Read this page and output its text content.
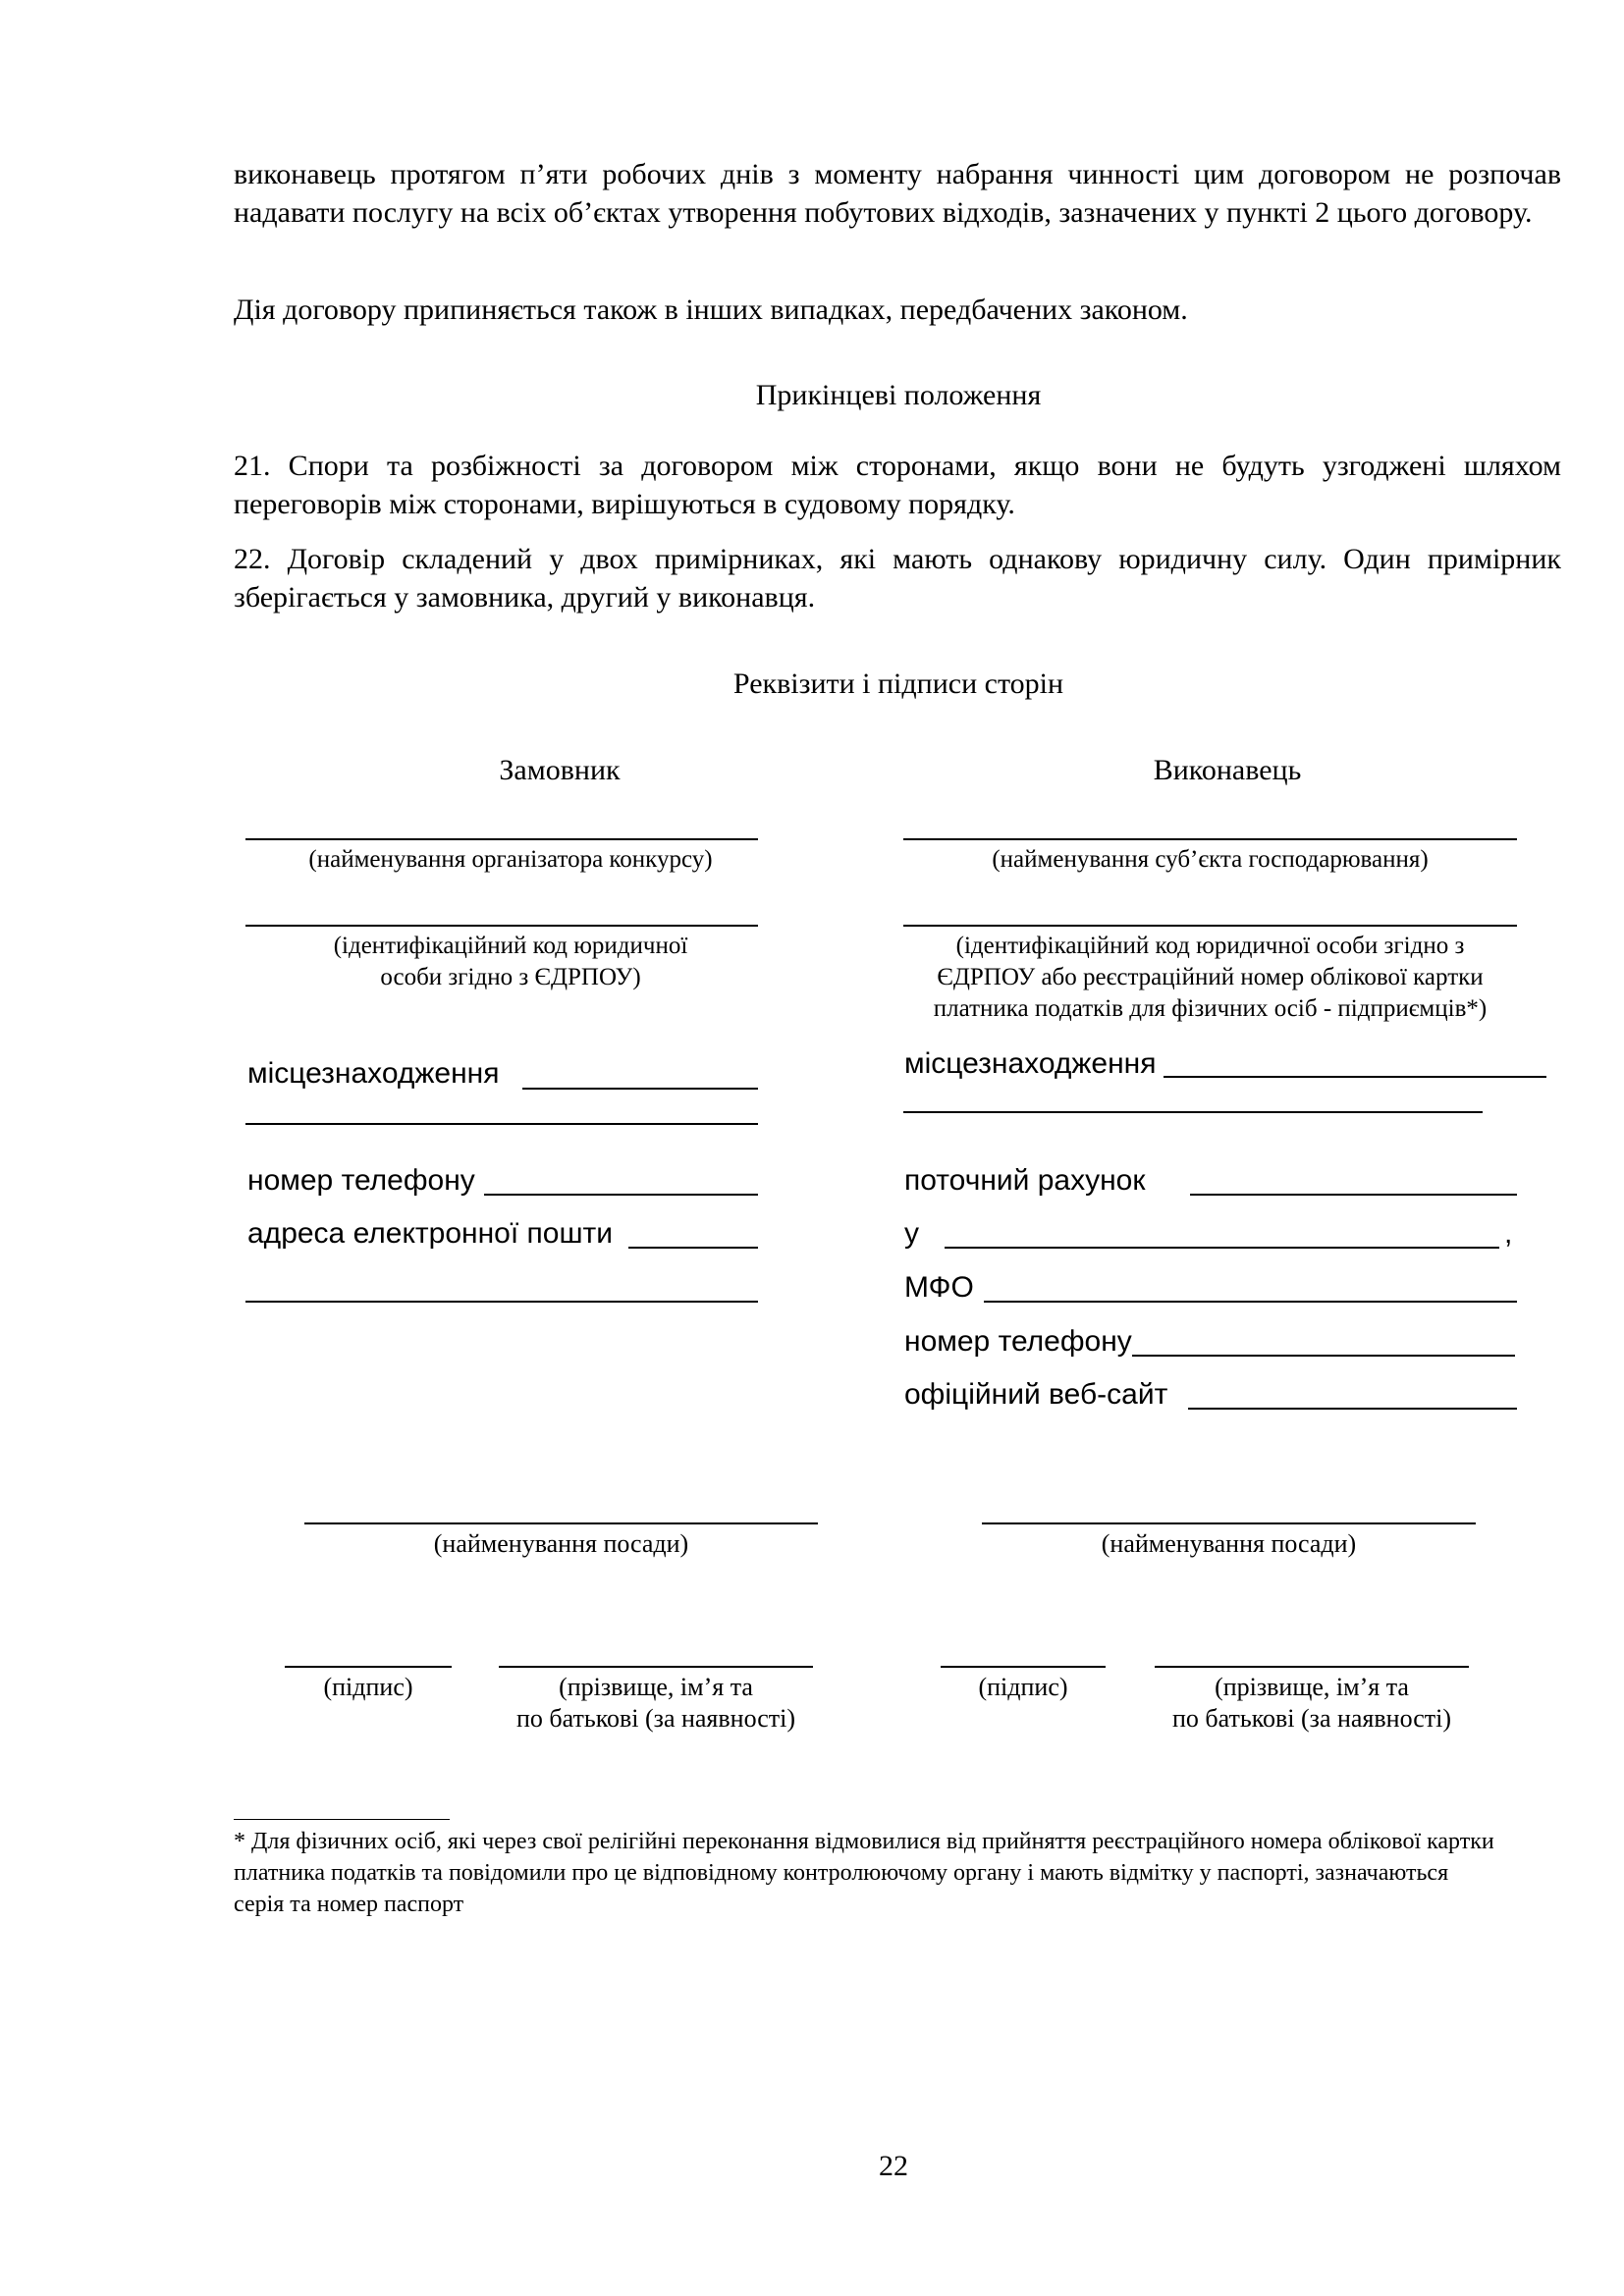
виконавець протягом п’яти робочих днів з моменту набрання чинності цим договором не розпочав надавати послугу на всіх об’єктах утворення побутових відходів, зазначених у пункті 2 цього договору.
Дія договору припиняється також в інших випадках, передбачених законом.
Прикінцеві положення
21. Спори та розбіжності за договором між сторонами, якщо вони не будуть узгоджені шляхом переговорів між сторонами, вирішуються в судовому порядку.
22. Договір складений у двох примірниках, які мають однакову юридичну силу. Один примірник зберігається у замовника, другий у виконавця.
Реквізити і підписи сторін
Замовник	Виконавець
(найменування організатора конкурсу)
(ідентифікаційний код юридичної
особи згідно з ЄДРПОУ)
місцезнаходження
номер телефону
адреса електронної пошти
(найменування суб’єкта господарювання)
(ідентифікаційний код юридичної особи згідно з
ЄДРПОУ або реєстраційний номер облікової картки
платника податків для фізичних осіб - підприємців*)
місцезнаходження
поточний рахунок
у	,
МФО
номер телефону
офіційний веб-сайт
(найменування посади)	(найменування посади)
(підпис)	(прізвище, ім’я та
по батькові (за наявності)
(підпис)	(прізвище, ім’я та
по батькові (за наявності)
* Для фізичних осіб, які через свої релігійні переконання відмовилися від прийняття реєстраційного номера облікової картки платника податків та повідомили про це відповідному контролюючому органу і мають відмітку у паспорті, зазначаються серія та номер паспорт
22
